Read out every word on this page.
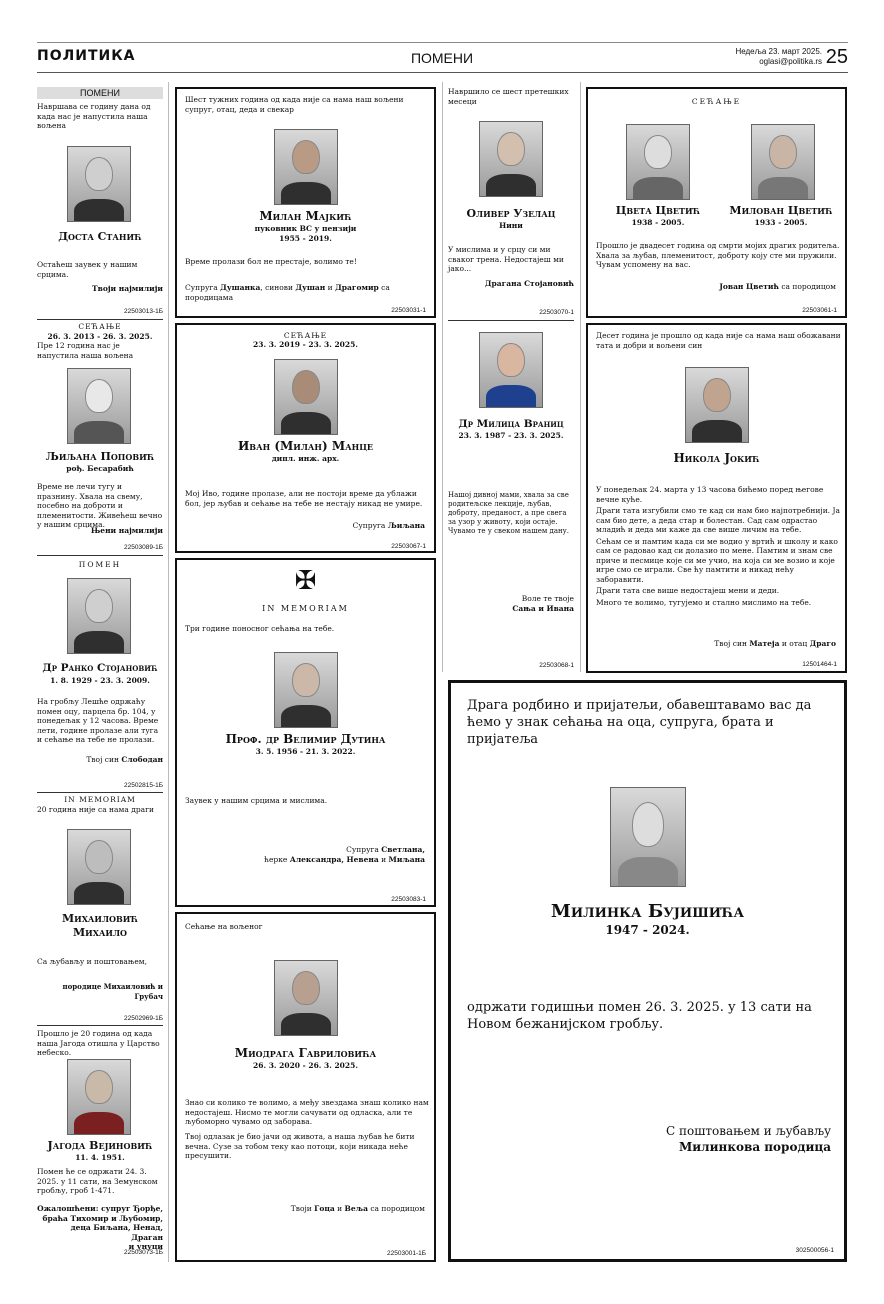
ПОЛИТИКА	ПОМЕНИ	Недеља 23. март 2025.
oglasi@politika.rs 25
ПОМЕНИ
Навршава се годину дана од када нас је напустила наша вољена
Доста Станић
Остаћеш заувек у нашим срцима.
Твоји најмилији
22503013-1Б
СЕЋАЊЕ
26. 3. 2013 - 26. 3. 2025.
Пре 12 година нас је напустила наша вољена
Љиљана Поповић
рођ. Бесарабић
Време не лечи тугу и празнину. Хвала на свему, посебно на доброти и племенитости. Живећеш вечно у нашим срцима.
Њени најмилији
22503089-1Б
ПОМЕН
Др Ранко Стојановић
1. 8. 1929 - 23. 3. 2009.
На гробљу Лешће одржаћу помен оцу, парцела бр. 104, у понедељак у 12 часова. Време лети, године пролазе али туга и сећање на тебе не пролази.
Твој син Слободан
22502815-1Б
IN MEMORIAM
20 година није са нама драги
Михаиловић
Михаило
Са љубављу и поштовањем,
породице Михаиловић и Грубач
22502969-1Б
Прошло је 20 година од када наша Јагода отишла у Царство небеско.
Јагода Вејиновић
11. 4. 1951.
Помен ће се одржати 24. 3. 2025. у 11 сати, на Земунском гробљу, гроб 1-471.
Ожалошћени: супруг Ђорђе,
браћа Тихомир и Љубомир,
деца Биљана, Ненад, Драган
и унуци
22503073-1Б
Шест тужних година од када није са нама наш вољени супруг, отац, деда и свекар
Милан Мајкић
пуковник ВС у пензији
1955 - 2019.
Време пролази бол не престаје, волимо те!
Супруга Душанка, синови Душан и Драгомир са породицама
22503031-1
СЕЋАЊЕ
23. 3. 2019 - 23. 3. 2025.
Иван (Милан) Манце
дипл. инж. арх.
Мој Иво, године пролазе, али не постоји време да ублажи бол, јер љубав и сећање на тебе не нестају никад не умире.
Супруга Љиљана
22503067-1
✠
IN MEMORIAM
Три године поносног сећања на тебе.
Проф. др Велимир Дутина
3. 5. 1956 - 21. 3. 2022.
Заувек у нашим срцима и мислима.
Супруга Светлана,
ћерке Александра, Невена и Миљана
22503083-1
Сећање на вољеног
Миодрага Гавриловића
26. 3. 2020 - 26. 3. 2025.
Знао си колико те волимо, а међу звездама знаш колико нам недостајеш. Нисмо те могли сачувати од одласка, али те љубоморно чувамо од заборава.
Твој одлазак је био јачи од живота, а наша љубав ће бити вечна. Сузе за тобом теку као потоци, који никада неће пресушити.
Твоји Гоца и Веља са породицом
22503001-1Б
Навршило се шест претешких месеци
Оливер Узелац
Нини
У мислима и у срцу си ми сваког трена. Недостајеш ми јако...
Драгана Стојановић
22503070-1
Др Милица Враниц
23. 3. 1987 - 23. 3. 2025.
Нашој дивној мами, хвала за све родитељске лекције, љубав, доброту, преданост, а пре свега за узор у животу, који остаје. Чувамо те у свеком нашем дану.
Воле те твоје
Сања и Ивана
22503068-1
СЕЋАЊЕ
Цвета Цветић
1938 - 2005.
Милован Цветић
1933 - 2005.
Прошло је двадесет година од смрти мојих драгих родитеља. Хвала за љубав, племенитост, доброту коју сте ми пружили. Чувам успомену на вас.
Јован Цветић са породицом
22503061-1
Десет година је прошло од када није са нама наш обожавани тата и добри и вољени син
Никола Јокић

У понедељак 24. марта у 13 часова бићемо поред његове вечне куће.

Драги тата изгубили смо те кад си нам био најпотребнији. Ја сам био дете, а деда стар и болестан. Сад сам одрастао младић и деда ми каже да све више личим на тебе.

Сећам се и памтим када си ме водио у вртић и школу и како сам се радовао кад си долазио по мене. Памтим и знам све приче и песмице које си ме учио, на која си ме возио и које игре смо се играли. Све ћу памтити и никад нећу заборавити.

Драги тата све више недостајеш мени и деди.

Много те волимо, тугујемо и стално мислимо на тебе.

Твој син Матеја и отац Драго
12501464-1
Драга родбино и пријатељи, обавештавамо вас да ћемо у знак сећања на оца, супруга, брата и пријатеља
Милинка Бујишића
1947 - 2024.
одржати годишњи помен 26. 3. 2025. у 13 сати на Новом бежанијском гробљу.
С поштовањем и љубављу
Милинкова породица
302500056-1
